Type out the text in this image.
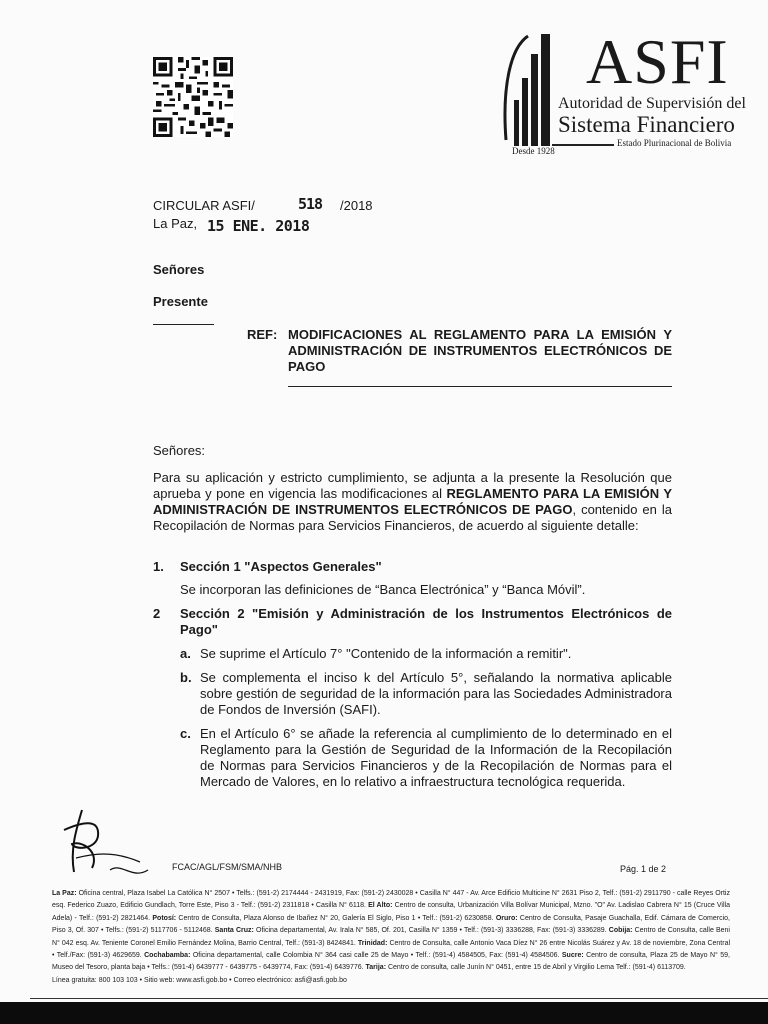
ASFI
Autoridad de Supervisión del
Sistema Financiero
Estado Plurinacional de Bolivia
Desde 1928
CIRCULAR ASFI/	518 /2018
La Paz, 15 ENE. 2018
Señores
Presente
REF: MODIFICACIONES AL REGLAMENTO PARA LA EMISIÓN Y ADMINISTRACIÓN DE INSTRUMENTOS ELECTRÓNICOS DE PAGO
Señores:
Para su aplicación y estricto cumplimiento, se adjunta a la presente la Resolución que aprueba y pone en vigencia las modificaciones al REGLAMENTO PARA LA EMISIÓN Y ADMINISTRACIÓN DE INSTRUMENTOS ELECTRÓNICOS DE PAGO, contenido en la Recopilación de Normas para Servicios Financieros, de acuerdo al siguiente detalle:
1. Sección 1 "Aspectos Generales"
Se incorporan las definiciones de “Banca Electrónica” y “Banca Móvil”.
2 Sección 2 "Emisión y Administración de los Instrumentos Electrónicos de Pago"
a. Se suprime el Artículo 7° "Contenido de la información a remitir".
b. Se complementa el inciso k del Artículo 5°, señalando la normativa aplicable sobre gestión de seguridad de la información para las Sociedades Administradora de Fondos de Inversión (SAFI).
c. En el Artículo 6° se añade la referencia al cumplimiento de lo determinado en el Reglamento para la Gestión de Seguridad de la Información de la Recopilación de Normas para Servicios Financieros y de la Recopilación de Normas para el Mercado de Valores, en lo relativo a infraestructura tecnológica requerida.
FCAC/AGL/FSM/SMA/NHB	Pág. 1 de 2
La Paz: Oficina central, Plaza Isabel La Católica N° 2507 • Telfs.: (591-2) 2174444 - 2431919, Fax: (591-2) 2430028 • Casilla N° 447 - Av. Arce Edificio Multicine N° 2631 Piso 2, Telf.: (591-2) 2911790 - calle Reyes Ortiz esq. Federico Zuazo, Edificio Gundlach, Torre Este, Piso 3 - Telf.: (591-2) 2311818 • Casilla N° 6118. El Alto: Centro de consulta, Urbanización Villa Bolívar Municipal, Mzno. "O" Av. Ladislao Cabrera N° 15 (Cruce Villa Adela) - Telf.: (591-2) 2821464. Potosí: Centro de Consulta, Plaza Alonso de Ibañez N° 20, Galería El Siglo, Piso 1 • Telf.: (591-2) 6230858. Oruro: Centro de Consulta, Pasaje Guachalla, Edif. Cámara de Comercio, Piso 3, Of. 307 • Telfs.: (591-2) 5117706 - 5112468. Santa Cruz: Oficina departamental, Av. Irala N° 585, Of. 201, Casilla N° 1359 • Telf.: (591-3) 3336288, Fax: (591-3) 3336289. Cobija: Centro de Consulta, calle Beni N° 042 esq. Av. Teniente Coronel Emilio Fernández Molina, Barrio Central, Telf.: (591-3) 8424841. Trinidad: Centro de Consulta, calle Antonio Vaca Díez N° 26 entre Nicolás Suárez y Av. 18 de noviembre, Zona Central • Telf./Fax: (591-3) 4629659. Cochabamba: Oficina departamental, calle Colombia N° 364 casi calle 25 de Mayo • Telf.: (591-4) 4584505, Fax: (591-4) 4584506. Sucre: Centro de consulta, Plaza 25 de Mayo N° 59, Museo del Tesoro, planta baja • Telfs.: (591-4) 6439777 - 6439775 - 6439774, Fax: (591-4) 6439776. Tarija: Centro de consulta, calle Junín N° 0451, entre 15 de Abril y Virgilio Lema Telf.: (591-4) 6113709.
Línea gratuita: 800 103 103 • Sitio web: www.asfi.gob.bo • Correo electrónico: asfi@asfi.gob.bo
